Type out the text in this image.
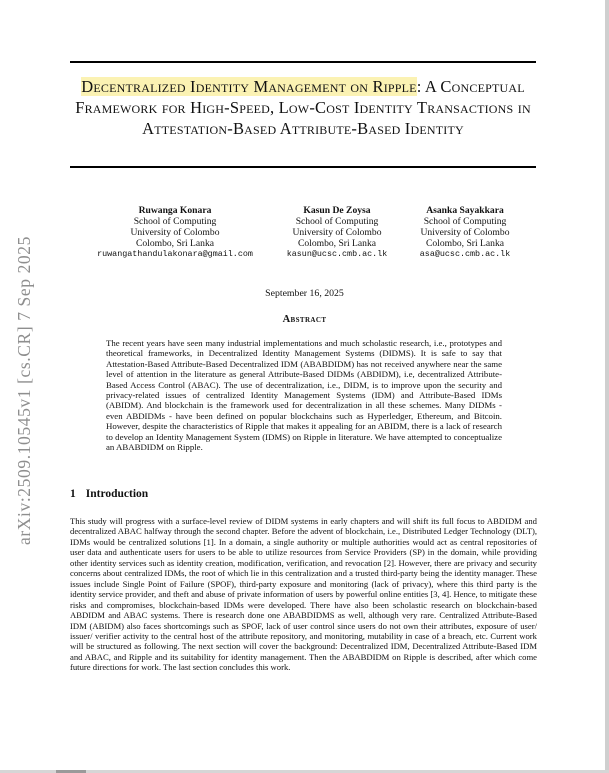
arXiv:2509.10545v1 [cs.CR] 7 Sep 2025
Decentralized Identity Management on Ripple: A Conceptual Framework for High-Speed, Low-Cost Identity Transactions in Attestation-Based Attribute-Based Identity
Ruwanga Konara
School of Computing
University of Colombo
Colombo, Sri Lanka
ruwangathandulakonara@gmail.com
Kasun De Zoysa
School of Computing
University of Colombo
Colombo, Sri Lanka
kasun@ucsc.cmb.ac.lk
Asanka Sayakkara
School of Computing
University of Colombo
Colombo, Sri Lanka
asa@ucsc.cmb.ac.lk
September 16, 2025
Abstract
The recent years have seen many industrial implementations and much scholastic research, i.e., prototypes and theoretical frameworks, in Decentralized Identity Management Systems (DIDMS). It is safe to say that Attestation-Based Attribute-Based Decentralized IDM (ABABDIDM) has not received anywhere near the same level of attention in the literature as general Attribute-Based DIDMs (ABDIDM), i.e, decentralized Attribute-Based Access Control (ABAC). The use of decentralization, i.e., DIDM, is to improve upon the security and privacy-related issues of centralized Identity Management Systems (IDM) and Attribute-Based IDMs (ABIDM). And blockchain is the framework used for decentralization in all these schemes. Many DIDMs - even ABDIDMs - have been defined on popular blockchains such as Hyperledger, Ethereum, and Bitcoin. However, despite the characteristics of Ripple that makes it appealing for an ABIDM, there is a lack of research to develop an Identity Management System (IDMS) on Ripple in literature. We have attempted to conceptualize an ABABDIDM on Ripple.
1 Introduction
This study will progress with a surface-level review of DIDM systems in early chapters and will shift its full focus to ABDIDM and decentralized ABAC halfway through the second chapter. Before the advent of blockchain, i.e., Distributed Ledger Technology (DLT), IDMs would be centralized solutions [1]. In a domain, a single authority or multiple authorities would act as central repositories of user data and authenticate users for users to be able to utilize resources from Service Providers (SP) in the domain, while providing other identity services such as identity creation, modification, verification, and revocation [2]. However, there are privacy and security concerns about centralized IDMs, the root of which lie in this centralization and a trusted third-party being the identity manager. These issues include Single Point of Failure (SPOF), third-party exposure and monitoring (lack of privacy), where this third party is the identity service provider, and theft and abuse of private information of users by powerful online entities [3, 4]. Hence, to mitigate these risks and compromises, blockchain-based IDMs were developed. There have also been scholastic research on blockchain-based ABDIDM and ABAC systems. There is research done one ABABDIDMS as well, although very rare. Centralized Attribute-Based IDM (ABIDM) also faces shortcomings such as SPOF, lack of user control since users do not own their attributes, exposure of user/ issuer/ verifier activity to the central host of the attribute repository, and monitoring, mutability in case of a breach, etc. Current work will be structured as following. The next section will cover the background: Decentralized IDM, Decentralized Attribute-Based IDM and ABAC, and Ripple and its suitability for identity management. Then the ABABDIDM on Ripple is described, after which come future directions for work. The last section concludes this work.
